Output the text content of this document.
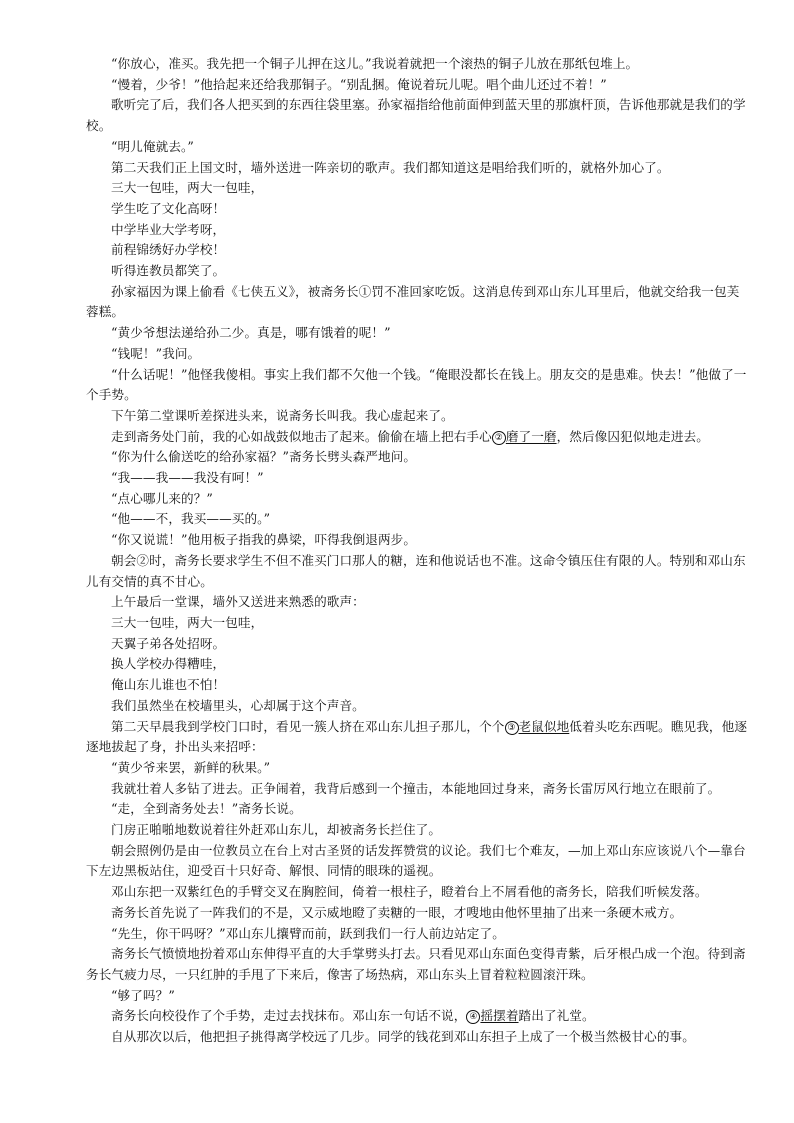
“你放心，准买。我先把一个铜子儿押在这儿。”我说着就把一个滚热的铜子儿放在那纸包堆上。

“慢着，少爷！”他拾起来还给我那铜子。“别乱捆。俺说着玩儿呢。唱个曲儿还过不着！”

歌听完了后，我们各人把买到的东西往袋里塞。孙家福指给他前面伸到蓝天里的那旗杆顶，告诉他那就是我们的学校。

“明儿俺就去。”

第二天我们正上国文时，墙外送进一阵亲切的歌声。我们都知道这是唱给我们听的，就格外加心了。

三大一包哇，两大一包哇，

学生吃了文化高呀！

中学毕业大学考呀，

前程锦绣好办学校！

听得连教员都笑了。

孙家福因为课上偷看《七侠五义》，被斋务长①罚不准回家吃饭。这消息传到邓山东儿耳里后，他就交给我一包芙蓉糕。

“黄少爷想法递给孙二少。真是，哪有饿着的呢！”

“钱呢！”我问。

“什么话呢！”他怪我傻相。事实上我们都不欠他一个钱。“俺眼没都长在钱上。朋友交的是患难。快去！”他做了一个手势。

下午第二堂课听差探进头来，说斋务长叫我。我心虚起来了。

走到斋务处门前，我的心如战鼓似地击了起来。偷偷在墙上把右手心 ② 磨了一磨，然后像囚犯似地走进去。

“你为什么偷送吃的给孙家福？”斋务长劈头森严地问。

“我——我——我没有呵！”

“点心哪儿来的？”

“他——不，我买——买的。”

“你又说谎！”他用板子指我的鼻梁，吓得我倒退两步。

朝会②时，斋务长要求学生不但不准买门口那人的糖，连和他说话也不准。这命令镇压住有限的人。特别和邓山东儿有交情的真不甘心。

上午最后一堂课，墙外又送进来熟悉的歌声：

三大一包哇，两大一包哇，

天翼子弟各处招呀。

换人学校办得糟哇，

俺山东儿谁也不怕！

我们虽然坐在校墙里头，心却属于这个声音。

第二天早晨我到学校门口时，看见一簇人挤在邓山东儿担子那儿，个个 ③ 老鼠似地低着头吃东西呢。瞧见我，他逐逐地拔起了身，扑出头来招呼：

“黄少爷来罢，新鲜的秋果。”

我就壮着人多钻了进去。正争闹着，我背后感到一个撞击，本能地回过身来，斋务长雷厉风行地立在眼前了。

“走，全到斋务处去！”斋务长说。

门房正啪啪地数说着往外赶邓山东儿，却被斋务长拦住了。

朝会照例仍是由一位教员立在台上对古圣贤的话发挥赞赏的议论。我们七个难友，—加上邓山东应该说八个—靠台下左边黑板站住，迎受百十只好奇、解恨、同情的眼珠的遥视。

邓山东把一双紫红色的手臂交叉在胸腔间，倚着一根柱子，瞪着台上不屑看他的斋务长，陪我们听候发落。

斋务长首先说了一阵我们的不是，又示威地瞪了卖糖的一眼，才嗖地由他怀里抽了出来一条硬木戒方。

“先生，你干吗呀？”邓山东儿攘臂而前，跃到我们一行人前边站定了。

斋务长气愤愤地扮着邓山东伸得平直的大手掌劈头打去。只看见邓山东面色变得青紫，后牙根凸成一个泡。待到斋务长气疲力尽，一只红肿的手甩了下来后，像害了场热病，邓山东头上冒着粒粒圆滚汗珠。

“够了吗？”

斋务长向校役作了个手势，走过去找抹布。邓山东一句话不说， ④ 摇摆着踏出了礼堂。

自从那次以后，他把担子挑得离学校远了几步。同学的钱花到邓山东担子上成了一个极当然极甘心的事。
